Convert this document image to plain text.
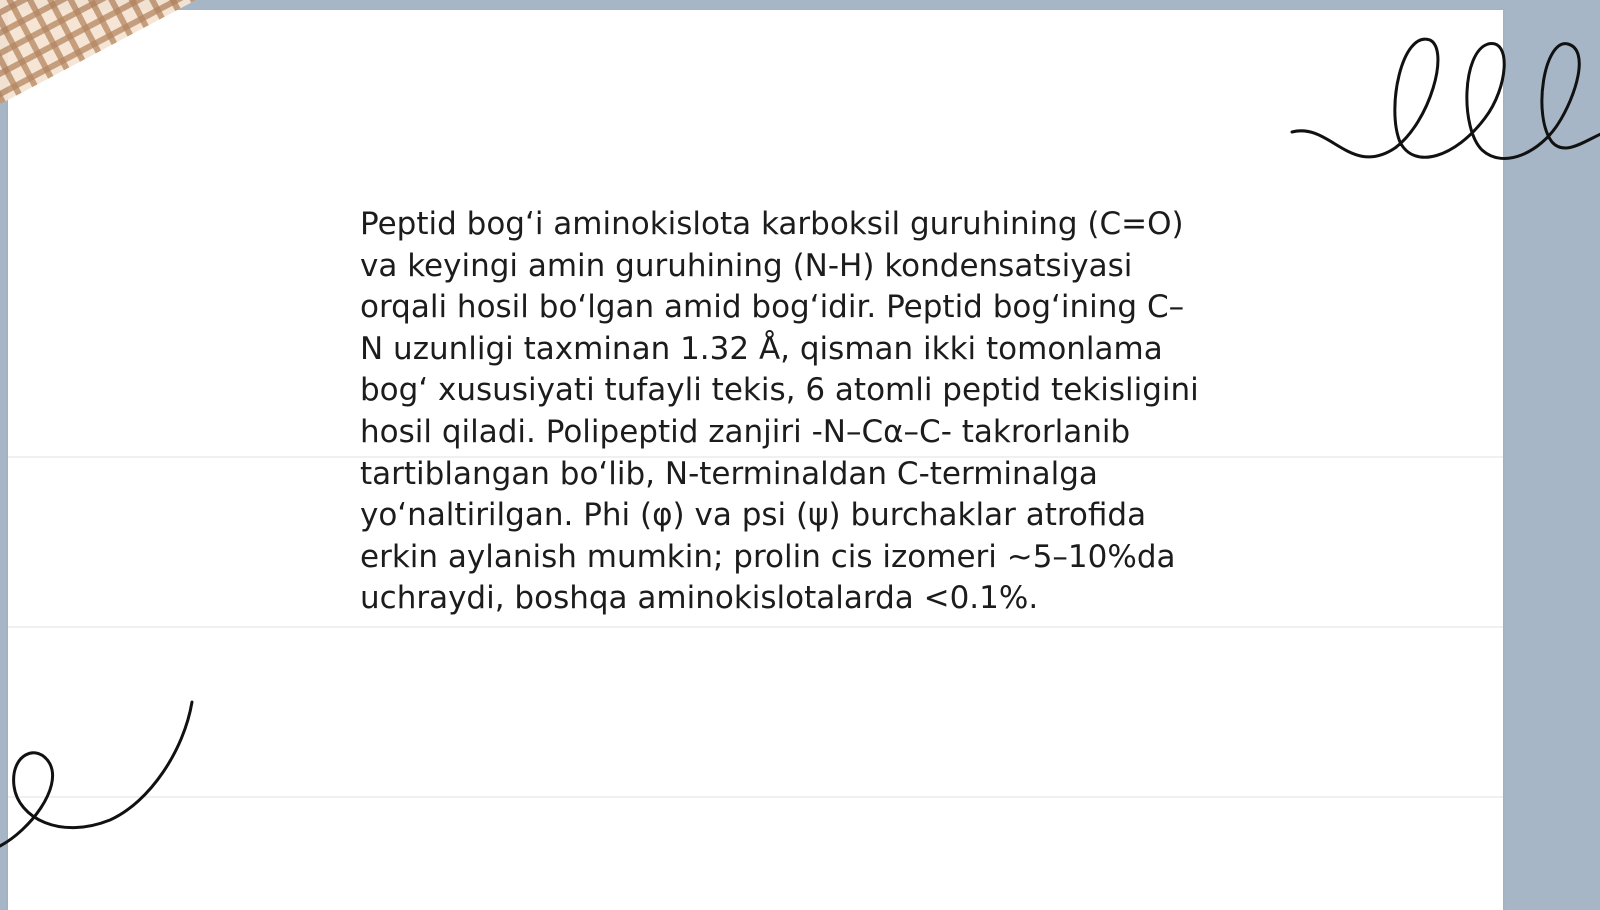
Peptid bog‘i aminokislota karboksil guruhining (C=O)
va keyingi amin guruhining (N-H) kondensatsiyasi
orqali hosil bo‘lgan amid bog‘idir. Peptid bog‘ining C–
N uzunligi taxminan 1.32 Å, qisman ikki tomonlama
bog‘ xususiyati tufayli tekis, 6 atomli peptid tekisligini
hosil qiladi. Polipeptid zanjiri -N–Cα–C- takrorlanib
tartiblangan bo‘lib, N-terminaldan C-terminalga
yo‘naltirilgan. Phi (φ) va psi (ψ) burchaklar atrofida
erkin aylanish mumkin; prolin cis izomeri ~5–10%da
uchraydi, boshqa aminokislotalarda <0.1%.
